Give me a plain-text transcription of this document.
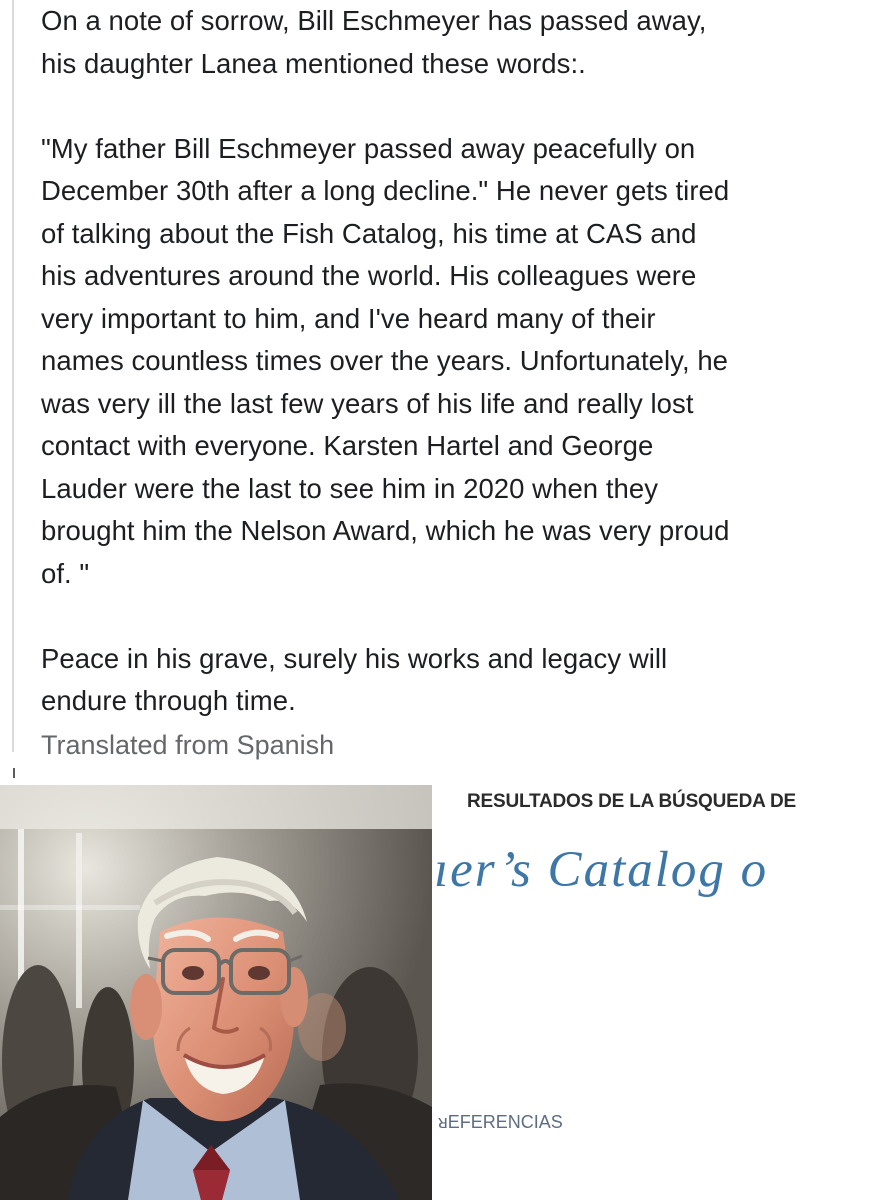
On a note of sorrow, Bill Eschmeyer has passed away,

his daughter Lanea mentioned these words:.

"My father Bill Eschmeyer passed away peacefully on

December 30th after a long decline." He never gets tired

of talking about the Fish Catalog, his time at CAS and

his adventures around the world. His colleagues were

very important to him, and I've heard many of their

names countless times over the years. Unfortunately, he

was very ill the last few years of his life and really lost

contact with everyone. Karsten Hartel and George

Lauder were the last to see him in 2020 when they

brought him the Nelson Award, which he was very proud

of. "

Peace in his grave, surely his works and legacy will

endure through time.

Translated from Spanish
RESULTADOS DE LA BÚSQUEDA DE
ıer’s Catalog o
ᴚEFERENCIAS
